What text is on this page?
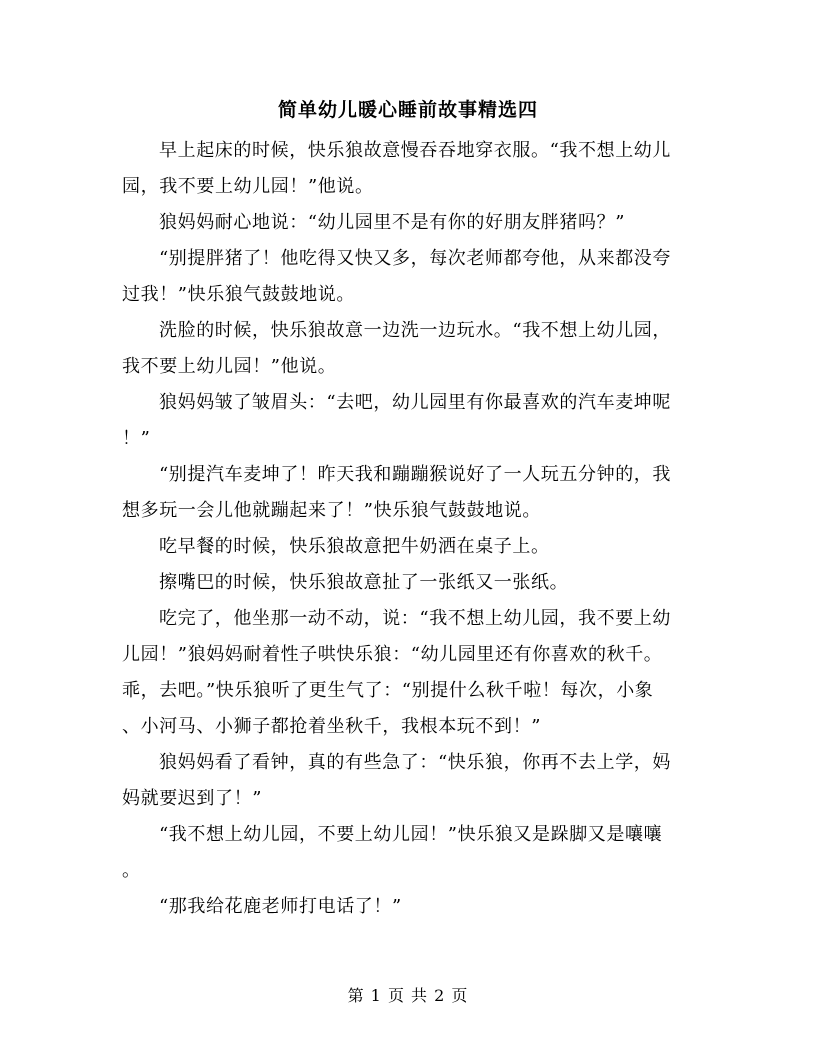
简单幼儿暖心睡前故事精选四
早上起床的时候，快乐狼故意慢吞吞地穿衣服。“我不想上幼儿
园，我不要上幼儿园！”他说。
狼妈妈耐心地说：“幼儿园里不是有你的好朋友胖猪吗？”
“别提胖猪了！他吃得又快又多，每次老师都夸他，从来都没夸
过我！”快乐狼气鼓鼓地说。
洗脸的时候，快乐狼故意一边洗一边玩水。“我不想上幼儿园，
我不要上幼儿园！”他说。
狼妈妈皱了皱眉头：“去吧，幼儿园里有你最喜欢的汽车麦坤呢
！”
“别提汽车麦坤了！昨天我和蹦蹦猴说好了一人玩五分钟的，我
想多玩一会儿他就蹦起来了！”快乐狼气鼓鼓地说。
吃早餐的时候，快乐狼故意把牛奶洒在桌子上。
擦嘴巴的时候，快乐狼故意扯了一张纸又一张纸。
吃完了，他坐那一动不动，说：“我不想上幼儿园，我不要上幼
儿园！”狼妈妈耐着性子哄快乐狼：“幼儿园里还有你喜欢的秋千。
乖，去吧。”快乐狼听了更生气了：“别提什么秋千啦！每次，小象
、小河马、小狮子都抢着坐秋千，我根本玩不到！”
狼妈妈看了看钟，真的有些急了：“快乐狼，你再不去上学，妈
妈就要迟到了！”
“我不想上幼儿园，不要上幼儿园！”快乐狼又是跺脚又是嚷嚷
。
“那我给花鹿老师打电话了！”
第 1 页 共 2 页
